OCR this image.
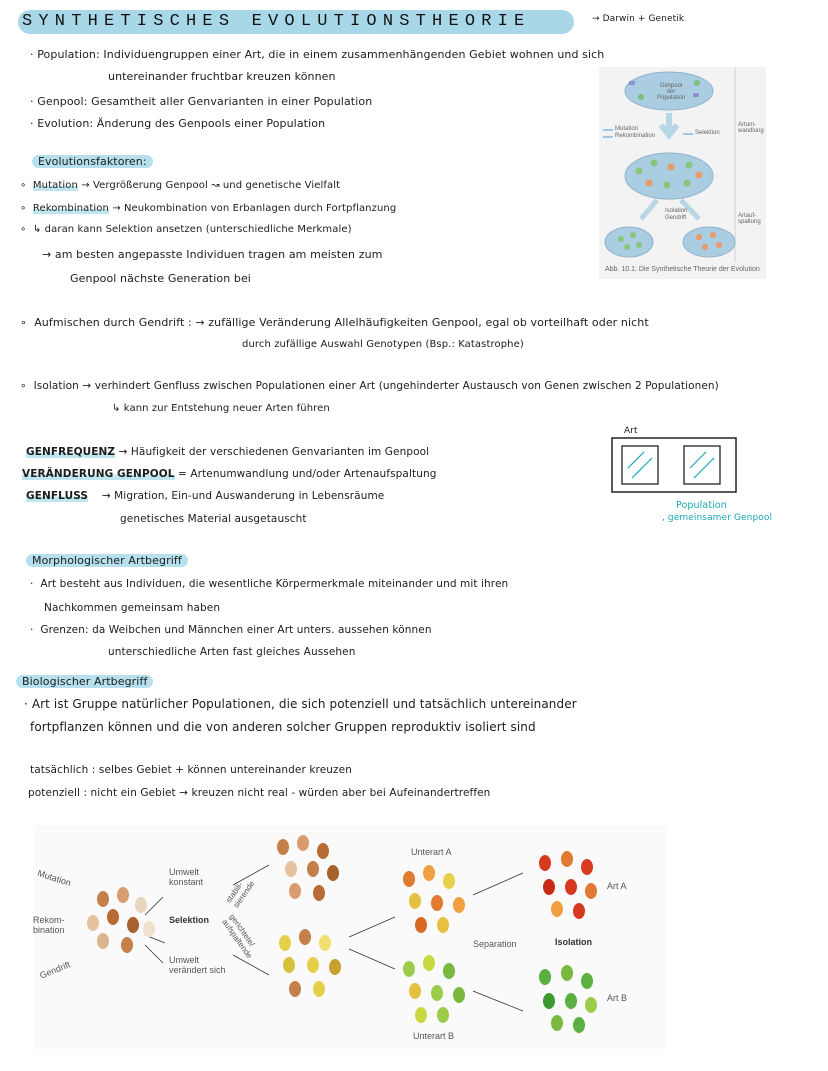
SYNTHETISCHES EVOLUTIONSTHEORIE	→ Darwin + Genetik
· Population: Individuengruppen einer Art, die in einem zusammenhängenden Gebiet wohnen und sich
untereinander fruchtbar kreuzen können
· Genpool: Gesamtheit aller Genvarianten in einer Population
· Evolution: Änderung des Genpools einer Population
Genpool der Population
Mutation
Rekombination	Selektion
Isolation
Gendrift
Artum-wandlung
Artauf-spaltung
Abb. 10.1: Die Synthetische Theorie der Evolution
Evolutionsfaktoren:
∘  Mutation → Vergrößerung Genpool ↝ und genetische Vielfalt
∘  Rekombination → Neukombination von Erbanlagen durch Fortpflanzung
∘  ↳ daran kann Selektion ansetzen (unterschiedliche Merkmale)
→ am besten angepasste Individuen tragen am meisten zum
Genpool nächste Generation bei
∘  Aufmischen durch Gendrift : → zufällige Veränderung Allelhäufigkeiten Genpool, egal ob vorteilhaft oder nicht
durch zufällige Auswahl Genotypen (Bsp.: Katastrophe)
∘  Isolation → verhindert Genfluss zwischen Populationen einer Art (ungehinderter Austausch von Genen zwischen 2 Populationen)
↳ kann zur Entstehung neuer Arten führen
GENFREQUENZ → Häufigkeit der verschiedenen Genvarianten im Genpool
VERÄNDERUNG GENPOOL = Artenumwandlung und/oder Artenaufspaltung
GENFLUSS → Migration, Ein-und Auswanderung in Lebensräume
genetisches Material ausgetauscht
Art
Population
, gemeinsamer Genpool
Morphologischer Artbegriff
·  Art besteht aus Individuen, die wesentliche Körpermerkmale miteinander und mit ihren
Nachkommen gemeinsam haben
·  Grenzen: da Weibchen und Männchen einer Art unters. aussehen können
unterschiedliche Arten fast gleiches Aussehen
Biologischer Artbegriff
· Art ist Gruppe natürlicher Populationen, die sich potenziell und tatsächlich untereinander
fortpflanzen können und die von anderen solcher Gruppen reproduktiv isoliert sind
tatsächlich : selbes Gebiet + können untereinander kreuzen
potenziell : nicht ein Gebiet → kreuzen nicht real - würden aber bei Aufeinandertreffen
Mutation
Rekom-bination
Gendrift
Umwelt konstant
Selektion
Umwelt verändert sich
stabili-sierende
gerichtete/ aufspaltende
Unterart A
Unterart B
Separation	Isolation
Art A
Art B
